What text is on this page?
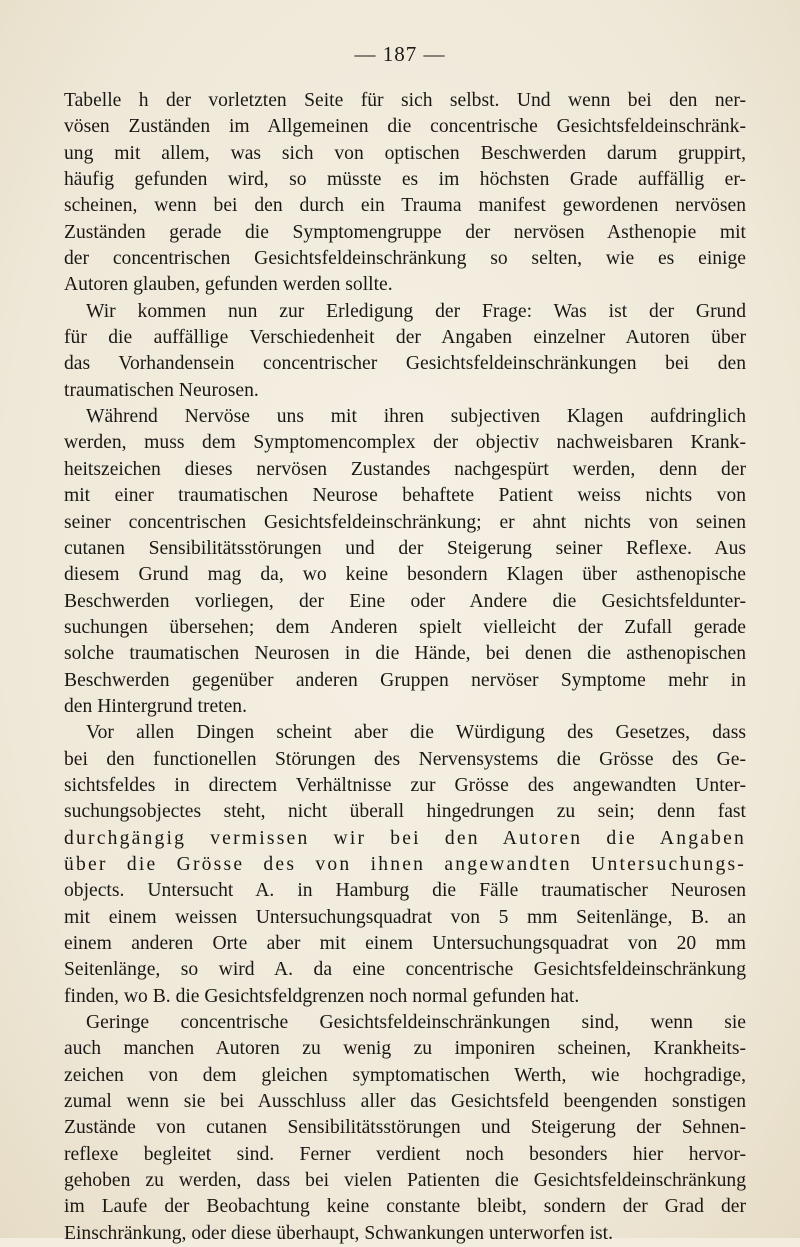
— 187 —
Tabelle h der vorletzten Seite für sich selbst. Und wenn bei den ner-
vösen Zuständen im Allgemeinen die concentrische Gesichtsfeldeinschränk-
ung mit allem, was sich von optischen Beschwerden darum gruppirt,
häufig gefunden wird, so müsste es im höchsten Grade auffällig er-
scheinen, wenn bei den durch ein Trauma manifest gewordenen nervösen
Zuständen gerade die Symptomengruppe der nervösen Asthenopie mit
der concentrischen Gesichtsfeldeinschränkung so selten, wie es einige
Autoren glauben, gefunden werden sollte.
Wir kommen nun zur Erledigung der Frage: Was ist der Grund
für die auffällige Verschiedenheit der Angaben einzelner Autoren über
das Vorhandensein concentrischer Gesichtsfeldeinschränkungen bei den
traumatischen Neurosen.
Während Nervöse uns mit ihren subjectiven Klagen aufdringlich
werden, muss dem Symptomencomplex der objectiv nachweisbaren Krank-
heitszeichen dieses nervösen Zustandes nachgespürt werden, denn der
mit einer traumatischen Neurose behaftete Patient weiss nichts von
seiner concentrischen Gesichtsfeldeinschränkung; er ahnt nichts von seinen
cutanen Sensibilitätsstörungen und der Steigerung seiner Reflexe. Aus
diesem Grund mag da, wo keine besondern Klagen über asthenopische
Beschwerden vorliegen, der Eine oder Andere die Gesichtsfeldunter-
suchungen übersehen; dem Anderen spielt vielleicht der Zufall gerade
solche traumatischen Neurosen in die Hände, bei denen die asthenopischen
Beschwerden gegenüber anderen Gruppen nervöser Symptome mehr in
den Hintergrund treten.
Vor allen Dingen scheint aber die Würdigung des Gesetzes, dass
bei den functionellen Störungen des Nervensystems die Grösse des Ge-
sichtsfeldes in directem Verhältnisse zur Grösse des angewandten Unter-
suchungsobjectes steht, nicht überall hingedrungen zu sein; denn fast
durchgängig vermissen wir bei den Autoren die Angaben
über die Grösse des von ihnen angewandten Untersuchungs-
objects. Untersucht A. in Hamburg die Fälle traumatischer Neurosen
mit einem weissen Untersuchungsquadrat von 5 mm Seitenlänge, B. an
einem anderen Orte aber mit einem Untersuchungsquadrat von 20 mm
Seitenlänge, so wird A. da eine concentrische Gesichtsfeldeinschränkung
finden, wo B. die Gesichtsfeldgrenzen noch normal gefunden hat.
Geringe concentrische Gesichtsfeldeinschränkungen sind, wenn sie
auch manchen Autoren zu wenig zu imponiren scheinen, Krankheits-
zeichen von dem gleichen symptomatischen Werth, wie hochgradige,
zumal wenn sie bei Ausschluss aller das Gesichtsfeld beengenden sonstigen
Zustände von cutanen Sensibilitätsstörungen und Steigerung der Sehnen-
reflexe begleitet sind. Ferner verdient noch besonders hier hervor-
gehoben zu werden, dass bei vielen Patienten die Gesichtsfeldeinschränkung
im Laufe der Beobachtung keine constante bleibt, sondern der Grad der
Einschränkung, oder diese überhaupt, Schwankungen unterworfen ist.
